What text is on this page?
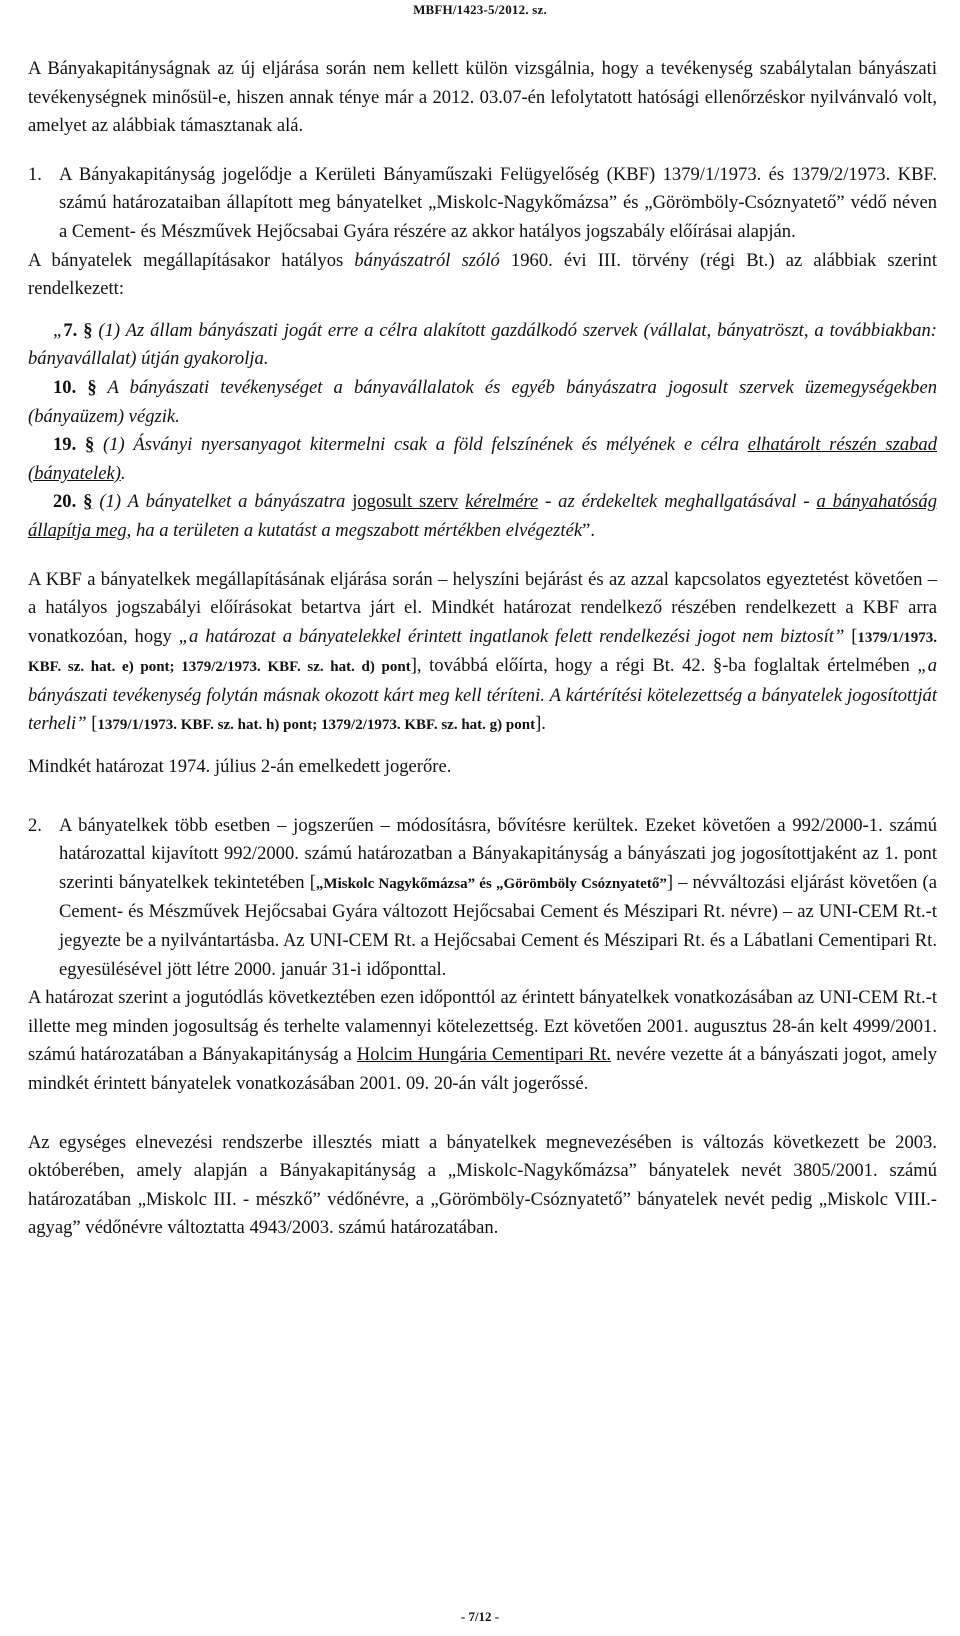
MBFH/1423-5/2012. sz.

A Bányakapitányságnak az új eljárása során nem kellett külön vizsgálnia, hogy a tevékenység szabálytalan bányászati tevékenységnek minősül-e, hiszen annak ténye már a 2012. 03.07-én lefolytatott hatósági ellenőrzéskor nyilvánvaló volt, amelyet az alábbiak támasztanak alá.

1. A Bányakapitányság jogelődje a Kerületi Bányaműszaki Felügyelőség (KBF) 1379/1/1973. és 1379/2/1973. KBF. számú határozataiban állapított meg bányatelket „Miskolc-Nagykőmázsa” és „Görömböly-Csóznyatető” védő néven a Cement- és Mészművek Hejőcsabai Gyára részére az akkor hatályos jogszabály előírásai alapján.

A bányatelek megállapításakor hatályos bányászatról szóló 1960. évi III. törvény (régi Bt.) az alábbiak szerint rendelkezett:

„7. § (1) Az állam bányászati jogát erre a célra alakított gazdálkodó szervek (vállalat, bányatröszt, a továbbiakban: bányavállalat) útján gyakorolja.

10. § A bányászati tevékenységet a bányavállalatok és egyéb bányászatra jogosult szervek üzemegységekben (bányaüzem) végzik.

19. § (1) Ásványi nyersanyagot kitermelni csak a föld felszínének és mélyének e célra elhatárolt részén szabad (bányatelek).

20. § (1) A bányatelket a bányászatra jogosult szerv kérelmére - az érdekeltek meghallgatásával - a bányahatóság állapítja meg, ha a területen a kutatást a megszabott mértékben elvégezték”.

A KBF a bányatelkek megállapításának eljárása során – helyszíni bejárást és az azzal kapcsolatos egyeztetést követően – a hatályos jogszabályi előírásokat betartva járt el. Mindkét határozat rendelkező részében rendelkezett a KBF arra vonatkozóan, hogy „a határozat a bányatelekkel érintett ingatlanok felett rendelkezési jogot nem biztosít” [1379/1/1973. KBF. sz. hat. e) pont; 1379/2/1973. KBF. sz. hat. d) pont], továbbá előírta, hogy a régi Bt. 42. §-ba foglaltak értelmében „a bányászati tevékenység folytán másnak okozott kárt meg kell téríteni. A kártérítési kötelezettség a bányatelek jogosítottját terheli” [1379/1/1973. KBF. sz. hat. h) pont; 1379/2/1973. KBF. sz. hat. g) pont].

Mindkét határozat 1974. július 2-án emelkedett jogerőre.

2. A bányatelkek több esetben – jogszerűen – módosításra, bővítésre kerültek. Ezeket követően a 992/2000-1. számú határozattal kijavított 992/2000. számú határozatban a Bányakapitányság a bányászati jog jogosítottjaként az 1. pont szerinti bányatelkek tekintetében [„Miskolc Nagykőmázsa” és „Görömböly Csóznyatető”] – névváltozási eljárást követően (a Cement- és Mészművek Hejőcsabai Gyára változott Hejőcsabai Cement és Mészipari Rt. névre) – az UNI-CEM Rt.-t jegyezte be a nyilvántartásba. Az UNI-CEM Rt. a Hejőcsabai Cement és Mészipari Rt. és a Lábatlani Cementipari Rt. egyesülésével jött létre 2000. január 31-i időponttal.

A határozat szerint a jogutódlás következtében ezen időponttól az érintett bányatelkek vonatkozásában az UNI-CEM Rt.-t illette meg minden jogosultság és terhelte valamennyi kötelezettség. Ezt követően 2001. augusztus 28-án kelt 4999/2001. számú határozatában a Bányakapitányság a Holcim Hungária Cementipari Rt. nevére vezette át a bányászati jogot, amely mindkét érintett bányatelek vonatkozásában 2001. 09. 20-án vált jogerőssé.

Az egységes elnevezési rendszerbe illesztés miatt a bányatelkek megnevezésében is változás következett be 2003. októberében, amely alapján a Bányakapitányság a „Miskolc-Nagykőmázsa” bányatelek nevét 3805/2001. számú határozatában „Miskolc III. - mészkő” védőnévre, a „Görömböly-Csóznyatető” bányatelek nevét pedig „Miskolc VIII.-agyag” védőnévre változtatta 4943/2003. számú határozatában.

- 7/12 -
